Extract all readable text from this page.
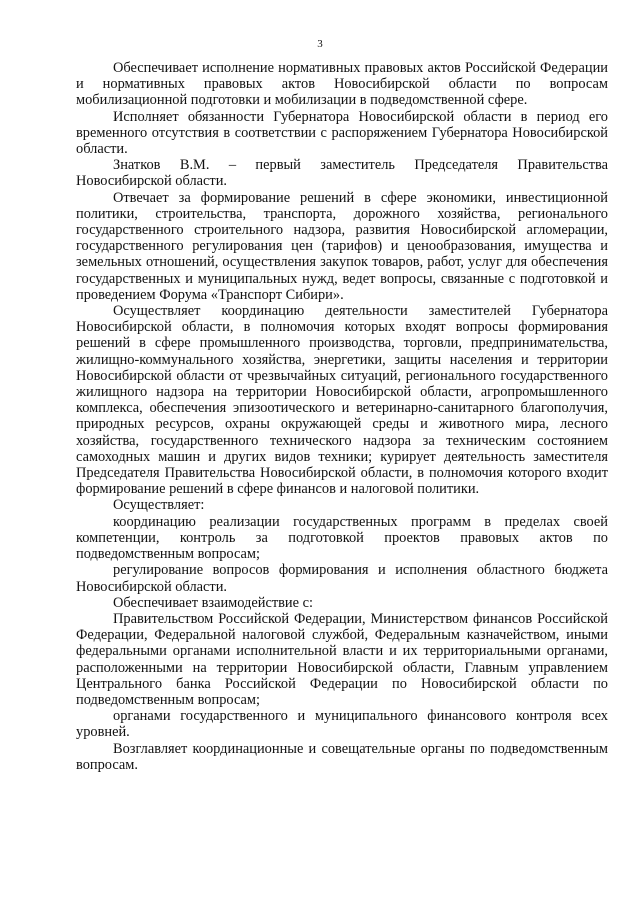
3

Обеспечивает исполнение нормативных правовых актов Российской Федерации и нормативных правовых актов Новосибирской области по вопросам мобилизационной подготовки и мобилизации в подведомственной сфере.

Исполняет обязанности Губернатора Новосибирской области в период его временного отсутствия в соответствии с распоряжением Губернатора Новосибирской области.

Знатков В.М. – первый заместитель Председателя Правительства Новосибирской области.

Отвечает за формирование решений в сфере экономики, инвестиционной политики, строительства, транспорта, дорожного хозяйства, регионального государственного строительного надзора, развития Новосибирской агломерации, государственного регулирования цен (тарифов) и ценообразования, имущества и земельных отношений, осуществления закупок товаров, работ, услуг для обеспечения государственных и муниципальных нужд, ведет вопросы, связанные с подготовкой и проведением Форума «Транспорт Сибири».

Осуществляет координацию деятельности заместителей Губернатора Новосибирской области, в полномочия которых входят вопросы формирования решений в сфере промышленного производства, торговли, предпринимательства, жилищно-коммунального хозяйства, энергетики, защиты населения и территории Новосибирской области от чрезвычайных ситуаций, регионального государственного жилищного надзора на территории Новосибирской области, агропромышленного комплекса, обеспечения эпизоотического и ветеринарно-санитарного благополучия, природных ресурсов, охраны окружающей среды и животного мира, лесного хозяйства, государственного технического надзора за техническим состоянием самоходных машин и других видов техники; курирует деятельность заместителя Председателя Правительства Новосибирской области, в полномочия которого входит формирование решений в сфере финансов и налоговой политики.

Осуществляет:

координацию реализации государственных программ в пределах своей компетенции, контроль за подготовкой проектов правовых актов по подведомственным вопросам;

регулирование вопросов формирования и исполнения областного бюджета Новосибирской области.

Обеспечивает взаимодействие с:

Правительством Российской Федерации, Министерством финансов Российской Федерации, Федеральной налоговой службой, Федеральным казначейством, иными федеральными органами исполнительной власти и их территориальными органами, расположенными на территории Новосибирской области, Главным управлением Центрального банка Российской Федерации по Новосибирской области по подведомственным вопросам;

органами государственного и муниципального финансового контроля всех уровней.

Возглавляет координационные и совещательные органы по подведомственным вопросам.
